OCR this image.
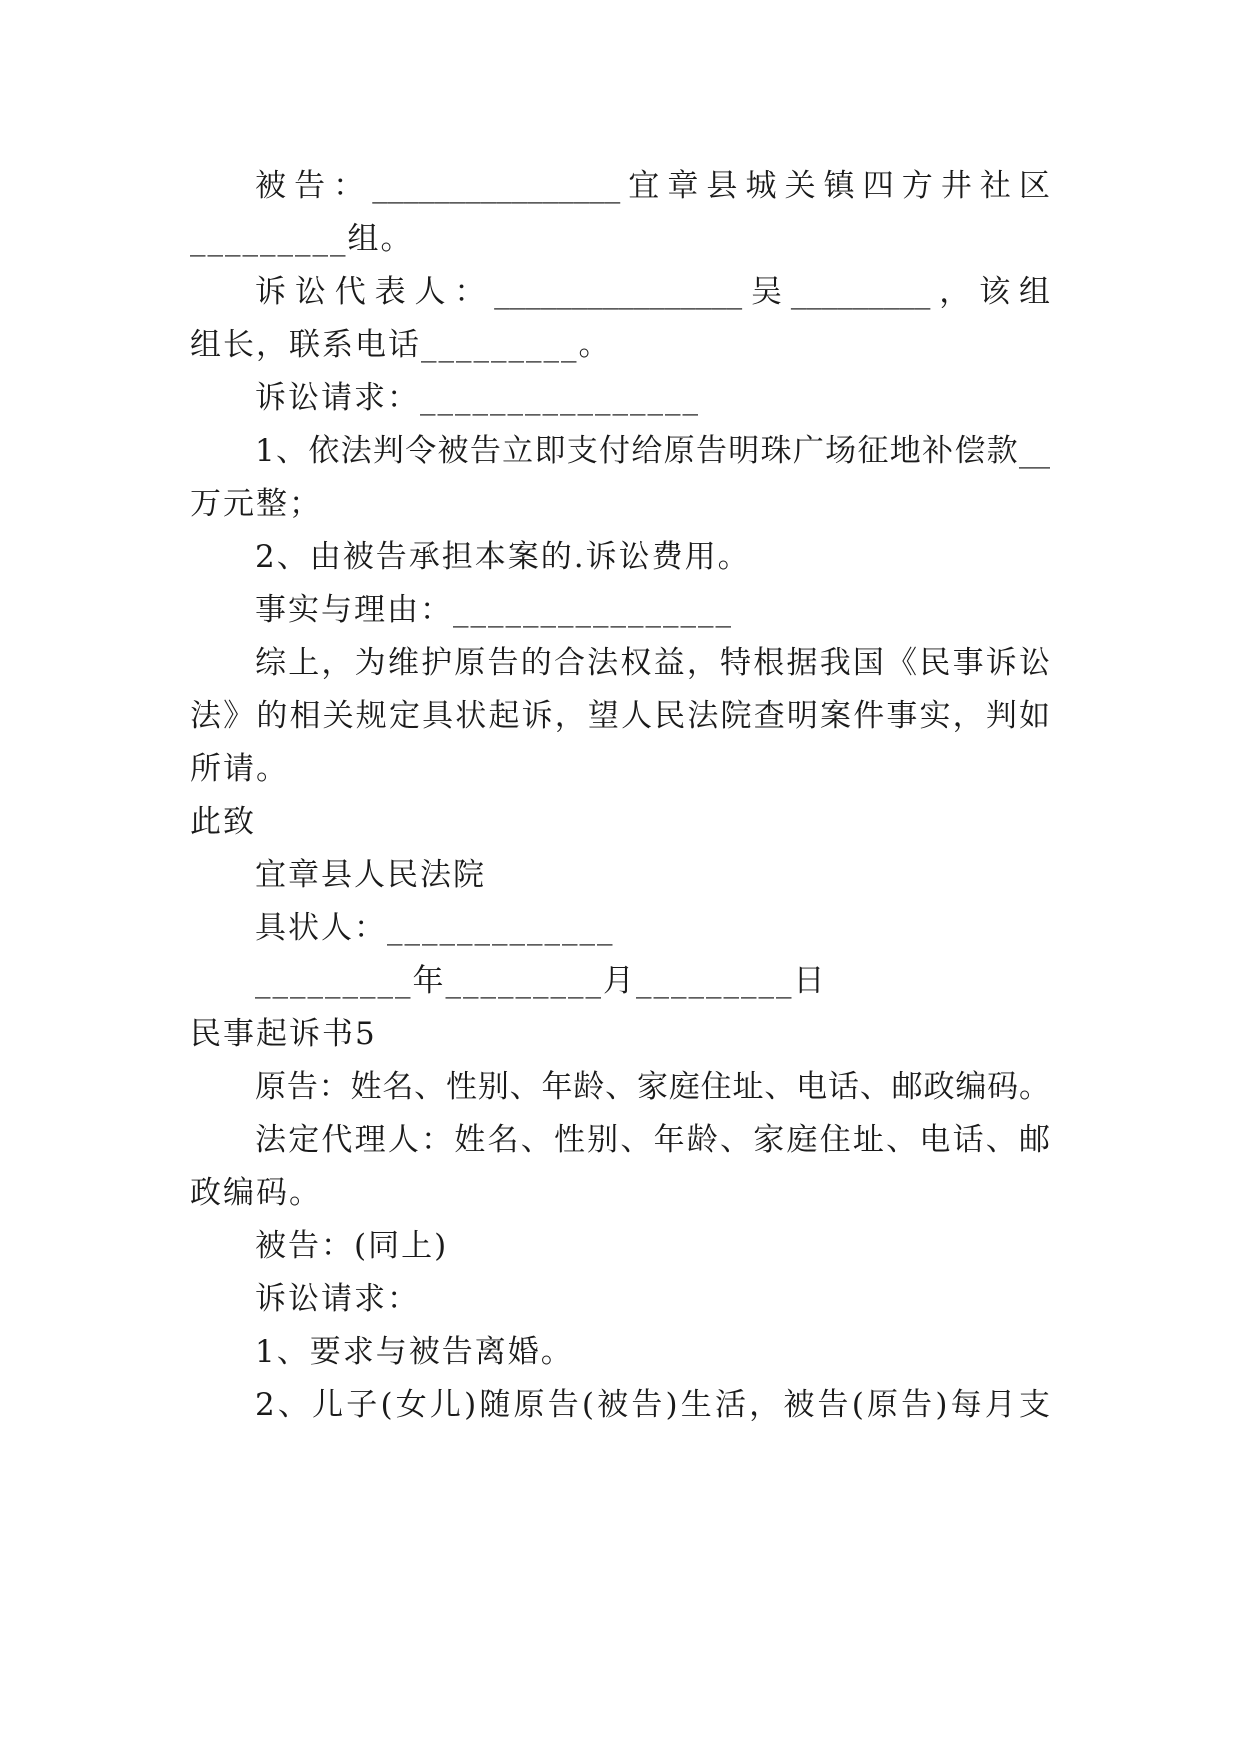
被告：________________宜章县城关镇四方井社区
_________组。
诉讼代表人：________________吴_________，该组
组长，联系电话_________。
诉讼请求：________________
1、依法判令被告立即支付给原告明珠广场征地补偿款__
万元整；
2、由被告承担本案的.诉讼费用。
事实与理由：________________
综上，为维护原告的合法权益，特根据我国《民事诉讼
法》的相关规定具状起诉，望人民法院查明案件事实，判如
所请。
此致
宜章县人民法院
具状人：_____________
_________年_________月_________日
民事起诉书5
原告：姓名、性别、年龄、家庭住址、电话、邮政编码。
法定代理人：姓名、性别、年龄、家庭住址、电话、邮
政编码。
被告：(同上)
诉讼请求：
1、要求与被告离婚。
2、儿子(女儿)随原告(被告)生活，被告(原告)每月支
